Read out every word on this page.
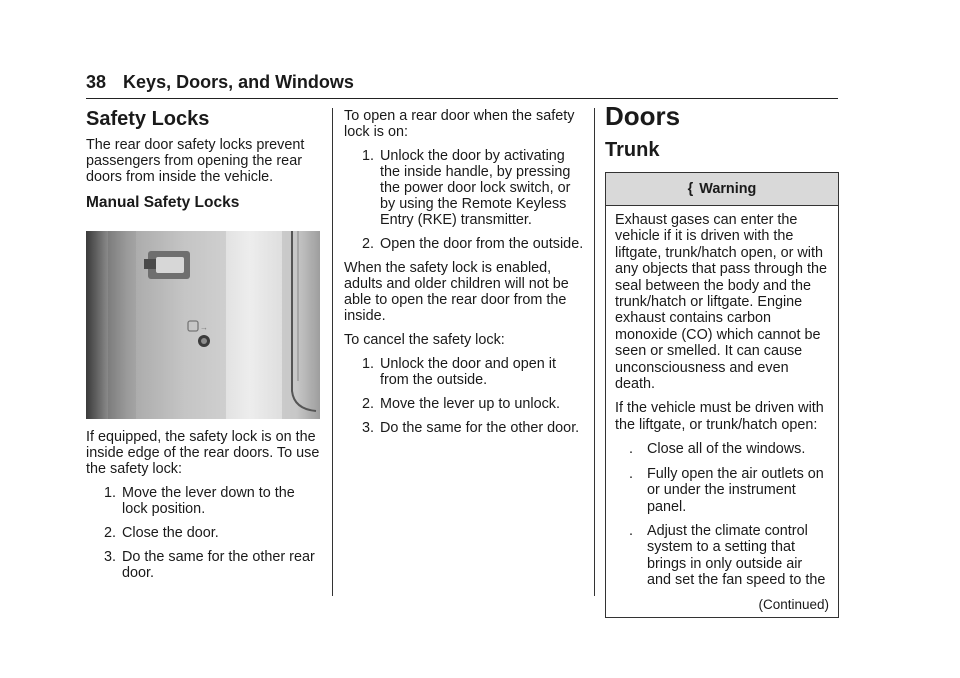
38 Keys, Doors, and Windows
Safety Locks

The rear door safety locks prevent passengers from opening the rear doors from inside the vehicle.

Manual Safety Locks
→

If equipped, the safety lock is on the inside edge of the rear doors. To use the safety lock:

1. Move the lever down to the lock position.
2. Close the door.
3. Do the same for the other rear door.

To open a rear door when the safety lock is on:

1. Unlock the door by activating the inside handle, by pressing the power door lock switch, or by using the Remote Keyless Entry (RKE) transmitter.
2. Open the door from the outside.

When the safety lock is enabled, adults and older children will not be able to open the rear door from the inside.

To cancel the safety lock:

1. Unlock the door and open it from the outside.
2. Move the lever up to unlock.
3. Do the same for the other door.
Doors
Trunk
{ Warning

Exhaust gases can enter the vehicle if it is driven with the liftgate, trunk/hatch open, or with any objects that pass through the seal between the body and the trunk/hatch or liftgate. Engine exhaust contains carbon monoxide (CO) which cannot be seen or smelled. It can cause unconsciousness and even death.

If the vehicle must be driven with the liftgate, or trunk/hatch open:

. Close all of the windows.
. Fully open the air outlets on or under the instrument panel.
. Adjust the climate control system to a setting that brings in only outside air and set the fan speed to the
(Continued)
